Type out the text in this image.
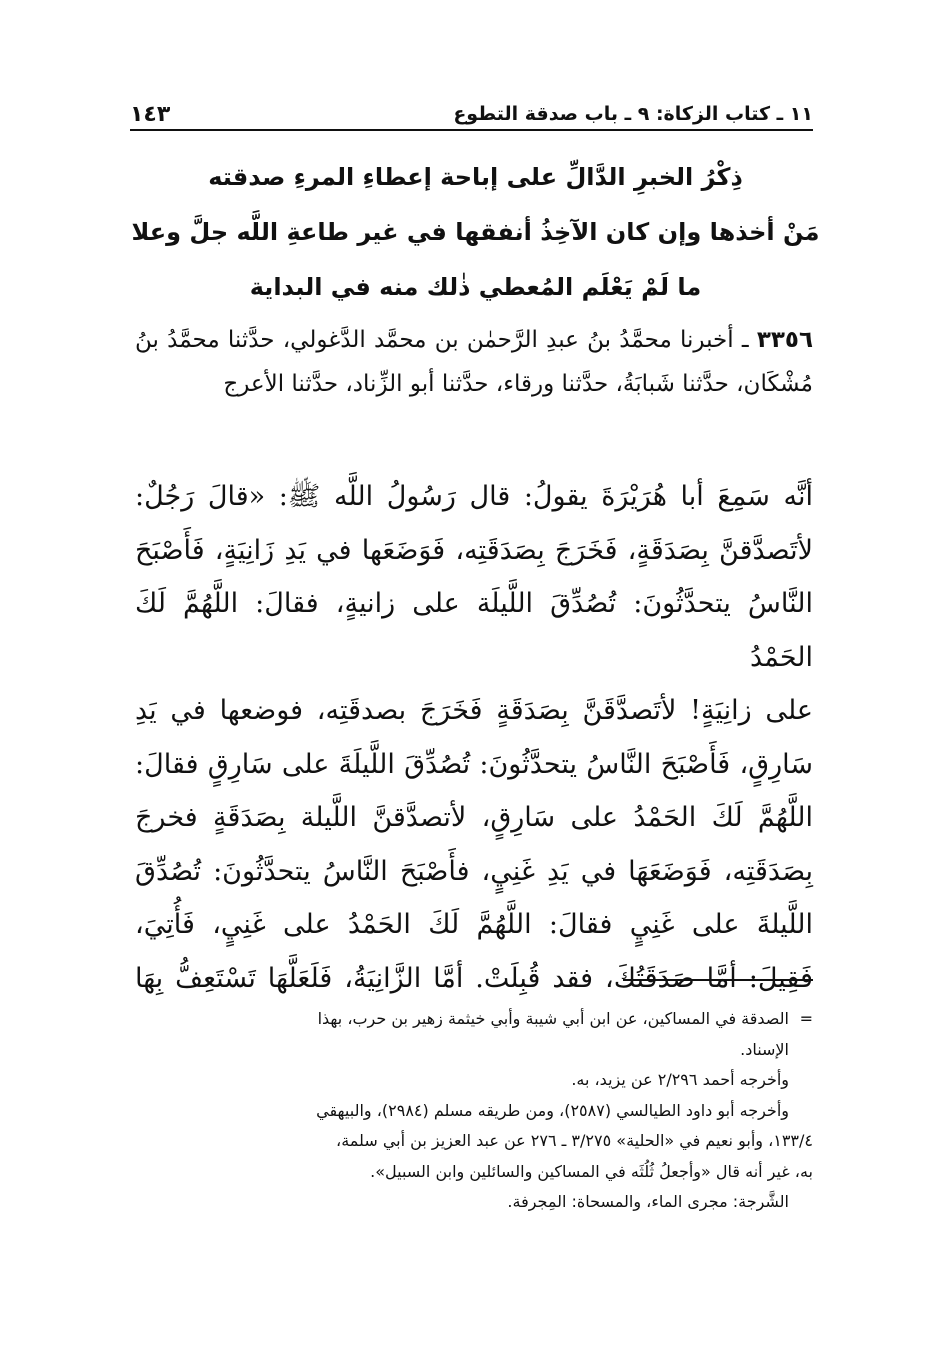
١١ ـ كتاب الزكاة: ٩ ـ باب صدقة التطوع
١٤٣
ذِكْرُ الخبرِ الدَّالِّ على إباحة إعطاءِ المرءِ صدقته
مَنْ أخذها وإن كان الآخِذُ أنفقها في غير طاعةِ اللَّه جلَّ وعلا
ما لَمْ يَعْلَم المُعطي ذٰلك منه في البداية
٣٣٥٦ ـ أخبرنا محمَّدُ بنُ عبدِ الرَّحمٰن بن محمَّد الدَّغولي، حدَّثنا محمَّدُ بنُ مُشْكَان، حدَّثنا شَبابَةُ، حدَّثنا ورقاء، حدَّثنا أبو الزِّناد، حدَّثنا الأعرج
أنَّه سَمِعَ أبا هُرَيْرَةَ يقولُ: قال رَسُولُ اللَّه ﷺ: «قالَ رَجُلٌ:
لأتَصدَّقنَّ بِصَدَقَةٍ، فَخَرَجَ بِصَدَقَتِه، فَوَضَعَها في يَدِ زَانِيَةٍ، فَأَصْبَحَ
النَّاسُ يتحدَّثُونَ: تُصُدِّقَ اللَّيلَة على زانيةٍ، فقالَ: اللَّهُمَّ لَكَ الحَمْدُ
على زانِيَةٍ! لأتَصدَّقَنَّ بِصَدَقَةٍ فَخَرَجَ بصدقَتِه، فوضعها في يَدِ
سَارِقٍ، فَأَصْبَحَ النَّاسُ يتحدَّثُونَ: تُصُدِّقَ اللَّيلَةَ على سَارِقٍ فقالَ:
اللَّهُمَّ لَكَ الحَمْدُ على سَارِقٍ، لأتصدَّقنَّ اللَّيلة بِصَدَقَةٍ فخرجَ
بِصَدَقَتِه، فَوَضَعَهَا في يَدِ غَنِيٍ، فأَصْبَحَ النَّاسُ يتحدَّثُونَ: تُصُدِّقَ
اللَّيلةَ على غَنِيٍ فقالَ: اللَّهُمَّ لَكَ الحَمْدُ على غَنِيٍ، فَأُتِيَ،
فَقِيلَ: أمَّا صَدَقَتُكَ، فقد قُبِلَتْ. أمَّا الزَّانِيَةُ، فَلَعَلَّهَا تَسْتَعِفُّ بِهَا
=

الصدقة في المساكين، عن ابن أبي شيبة وأبي خيثمة زهير بن حرب، بهذا

الإسناد.

وأخرجه أحمد ٢/٢٩٦ عن يزيد، به.

وأخرجه أبو داود الطيالسي (٢٥٨٧)، ومن طريقه مسلم (٢٩٨٤)، والبيهقي

١٣٣/٤، وأبو نعيم في «الحلية» ٣/٢٧٥ ـ ٢٧٦ عن عبد العزيز بن أبي سلمة،

به، غير أنه قال «وأجعلُ ثُلُثَه في المساكين والسائلين وابن السبيل».

الشَّرجة: مجرى الماء، والمسحاة: المِجرفة.
